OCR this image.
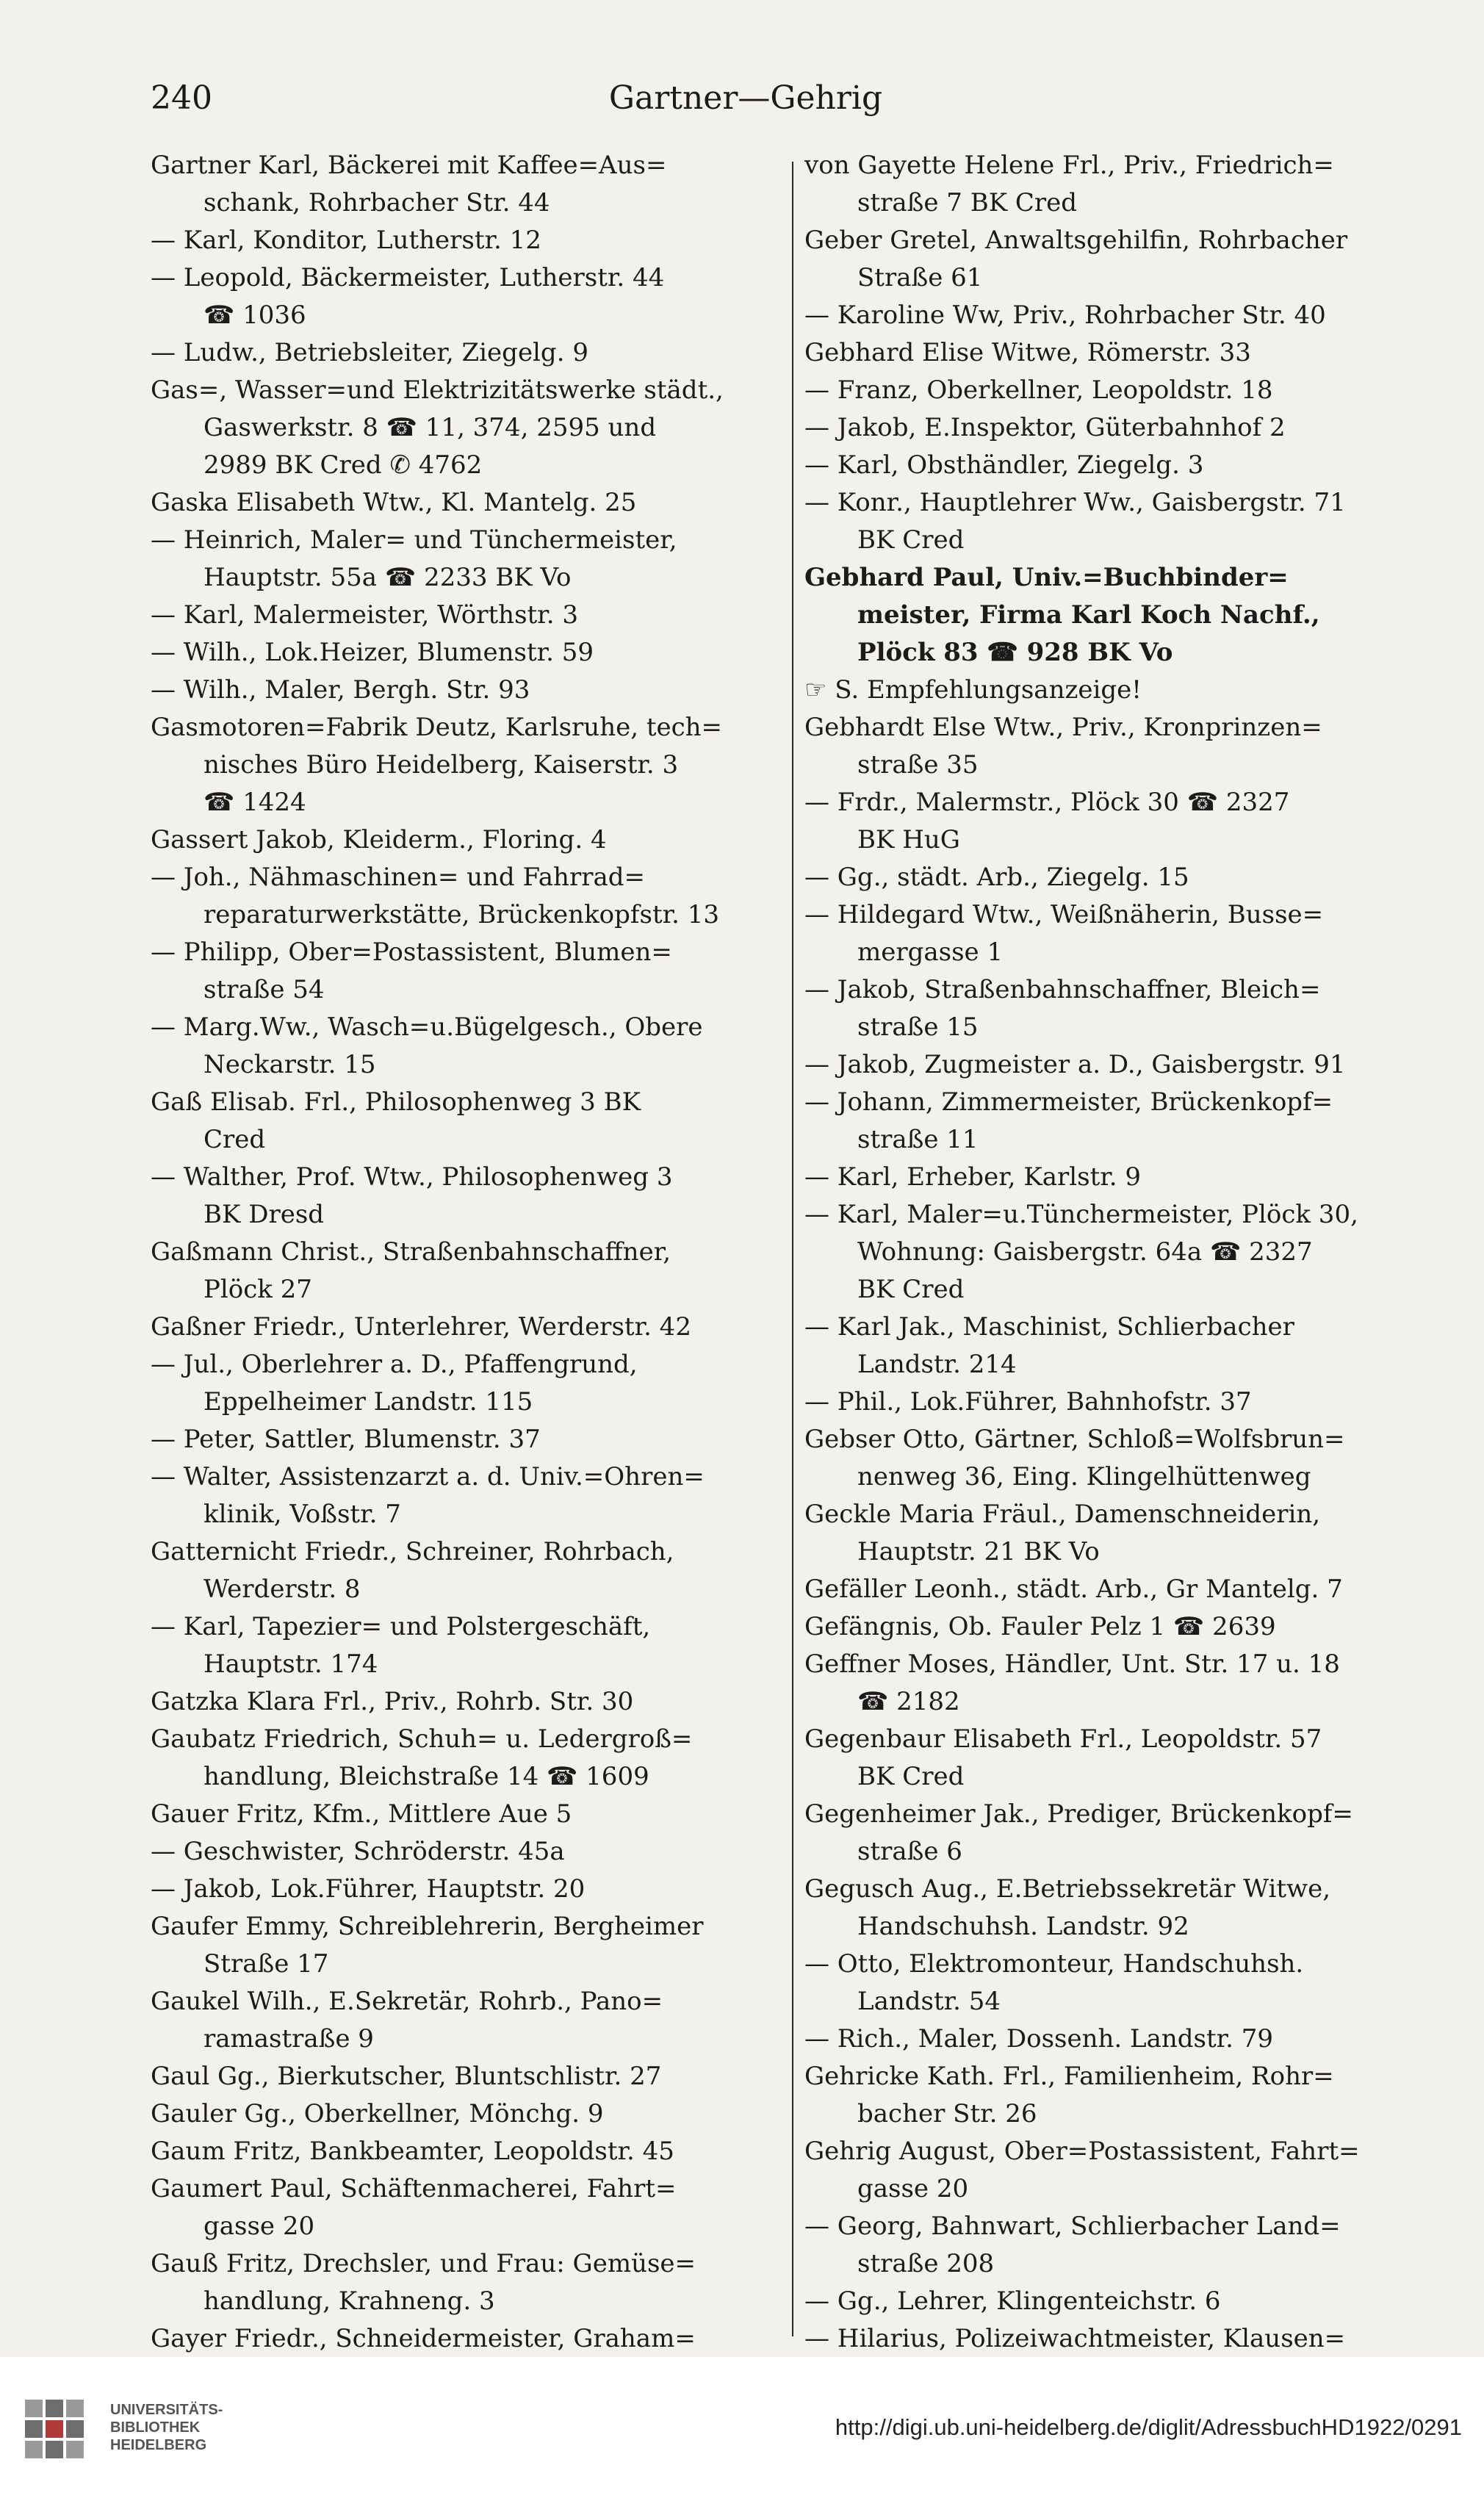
240	Gartner—Gehrig
Gartner Karl, Bäckerei mit Kaffee=Aus=
schank, Rohrbacher Str. 44
— Karl, Konditor, Lutherstr. 12
— Leopold, Bäckermeister, Lutherstr. 44
☎ 1036
— Ludw., Betriebsleiter, Ziegelg. 9
Gas=, Wasser=und Elektrizitätswerke städt.,
Gaswerkstr. 8 ☎ 11, 374, 2595 und
2989 BK Cred ✆ 4762
Gaska Elisabeth Wtw., Kl. Mantelg. 25
— Heinrich, Maler= und Tünchermeister,
Hauptstr. 55a ☎ 2233 BK Vo
— Karl, Malermeister, Wörthstr. 3
— Wilh., Lok.Heizer, Blumenstr. 59
— Wilh., Maler, Bergh. Str. 93
Gasmotoren=Fabrik Deutz, Karlsruhe, tech=
nisches Büro Heidelberg, Kaiserstr. 3
☎ 1424
Gassert Jakob, Kleiderm., Floring. 4
— Joh., Nähmaschinen= und Fahrrad=
reparaturwerkstätte, Brückenkopfstr. 13
— Philipp, Ober=Postassistent, Blumen=
straße 54
— Marg.Ww., Wasch=u.Bügelgesch., Obere
Neckarstr. 15
Gaß Elisab. Frl., Philosophenweg 3 BK
Cred
— Walther, Prof. Wtw., Philosophenweg 3
BK Dresd
Gaßmann Christ., Straßenbahnschaffner,
Plöck 27
Gaßner Friedr., Unterlehrer, Werderstr. 42
— Jul., Oberlehrer a. D., Pfaffengrund,
Eppelheimer Landstr. 115
— Peter, Sattler, Blumenstr. 37
— Walter, Assistenzarzt a. d. Univ.=Ohren=
klinik, Voßstr. 7
Gatternicht Friedr., Schreiner, Rohrbach,
Werderstr. 8
— Karl, Tapezier= und Polstergeschäft,
Hauptstr. 174
Gatzka Klara Frl., Priv., Rohrb. Str. 30
Gaubatz Friedrich, Schuh= u. Ledergroß=
handlung, Bleichstraße 14 ☎ 1609
Gauer Fritz, Kfm., Mittlere Aue 5
— Geschwister, Schröderstr. 45a
— Jakob, Lok.Führer, Hauptstr. 20
Gaufer Emmy, Schreiblehrerin, Bergheimer
Straße 17
Gaukel Wilh., E.Sekretär, Rohrb., Pano=
ramastraße 9
Gaul Gg., Bierkutscher, Bluntschlistr. 27
Gauler Gg., Oberkellner, Mönchg. 9
Gaum Fritz, Bankbeamter, Leopoldstr. 45
Gaumert Paul, Schäftenmacherei, Fahrt=
gasse 20
Gauß Fritz, Drechsler, und Frau: Gemüse=
handlung, Krahneng. 3
Gayer Friedr., Schneidermeister, Graham=
von Gayette Helene Frl., Priv., Friedrich=
straße 7 BK Cred
Geber Gretel, Anwaltsgehilfin, Rohrbacher
Straße 61
— Karoline Ww, Priv., Rohrbacher Str. 40
Gebhard Elise Witwe, Römerstr. 33
— Franz, Oberkellner, Leopoldstr. 18
— Jakob, E.Inspektor, Güterbahnhof 2
— Karl, Obsthändler, Ziegelg. 3
— Konr., Hauptlehrer Ww., Gaisbergstr. 71
BK Cred
Gebhard Paul, Univ.=Buchbinder=
meister, Firma Karl Koch Nachf.,
Plöck 83 ☎ 928 BK Vo
☞ S. Empfehlungsanzeige!
Gebhardt Else Wtw., Priv., Kronprinzen=
straße 35
— Frdr., Malermstr., Plöck 30 ☎ 2327
BK HuG
— Gg., städt. Arb., Ziegelg. 15
— Hildegard Wtw., Weißnäherin, Busse=
mergasse 1
— Jakob, Straßenbahnschaffner, Bleich=
straße 15
— Jakob, Zugmeister a. D., Gaisbergstr. 91
— Johann, Zimmermeister, Brückenkopf=
straße 11
— Karl, Erheber, Karlstr. 9
— Karl, Maler=u.Tünchermeister, Plöck 30,
Wohnung: Gaisbergstr. 64a ☎ 2327
BK Cred
— Karl Jak., Maschinist, Schlierbacher
Landstr. 214
— Phil., Lok.Führer, Bahnhofstr. 37
Gebser Otto, Gärtner, Schloß=Wolfsbrun=
nenweg 36, Eing. Klingelhüttenweg
Geckle Maria Fräul., Damenschneiderin,
Hauptstr. 21 BK Vo
Gefäller Leonh., städt. Arb., Gr Mantelg. 7
Gefängnis, Ob. Fauler Pelz 1 ☎ 2639
Geffner Moses, Händler, Unt. Str. 17 u. 18
☎ 2182
Gegenbaur Elisabeth Frl., Leopoldstr. 57
BK Cred
Gegenheimer Jak., Prediger, Brückenkopf=
straße 6
Gegusch Aug., E.Betriebssekretär Witwe,
Handschuhsh. Landstr. 92
— Otto, Elektromonteur, Handschuhsh.
Landstr. 54
— Rich., Maler, Dossenh. Landstr. 79
Gehricke Kath. Frl., Familienheim, Rohr=
bacher Str. 26
Gehrig August, Ober=Postassistent, Fahrt=
gasse 20
— Georg, Bahnwart, Schlierbacher Land=
straße 208
— Gg., Lehrer, Klingenteichstr. 6
— Hilarius, Polizeiwachtmeister, Klausen=
UNIVERSITÄTS-
BIBLIOTHEK
HEIDELBERG
http://digi.ub.uni-heidelberg.de/diglit/AdressbuchHD1922/0291
